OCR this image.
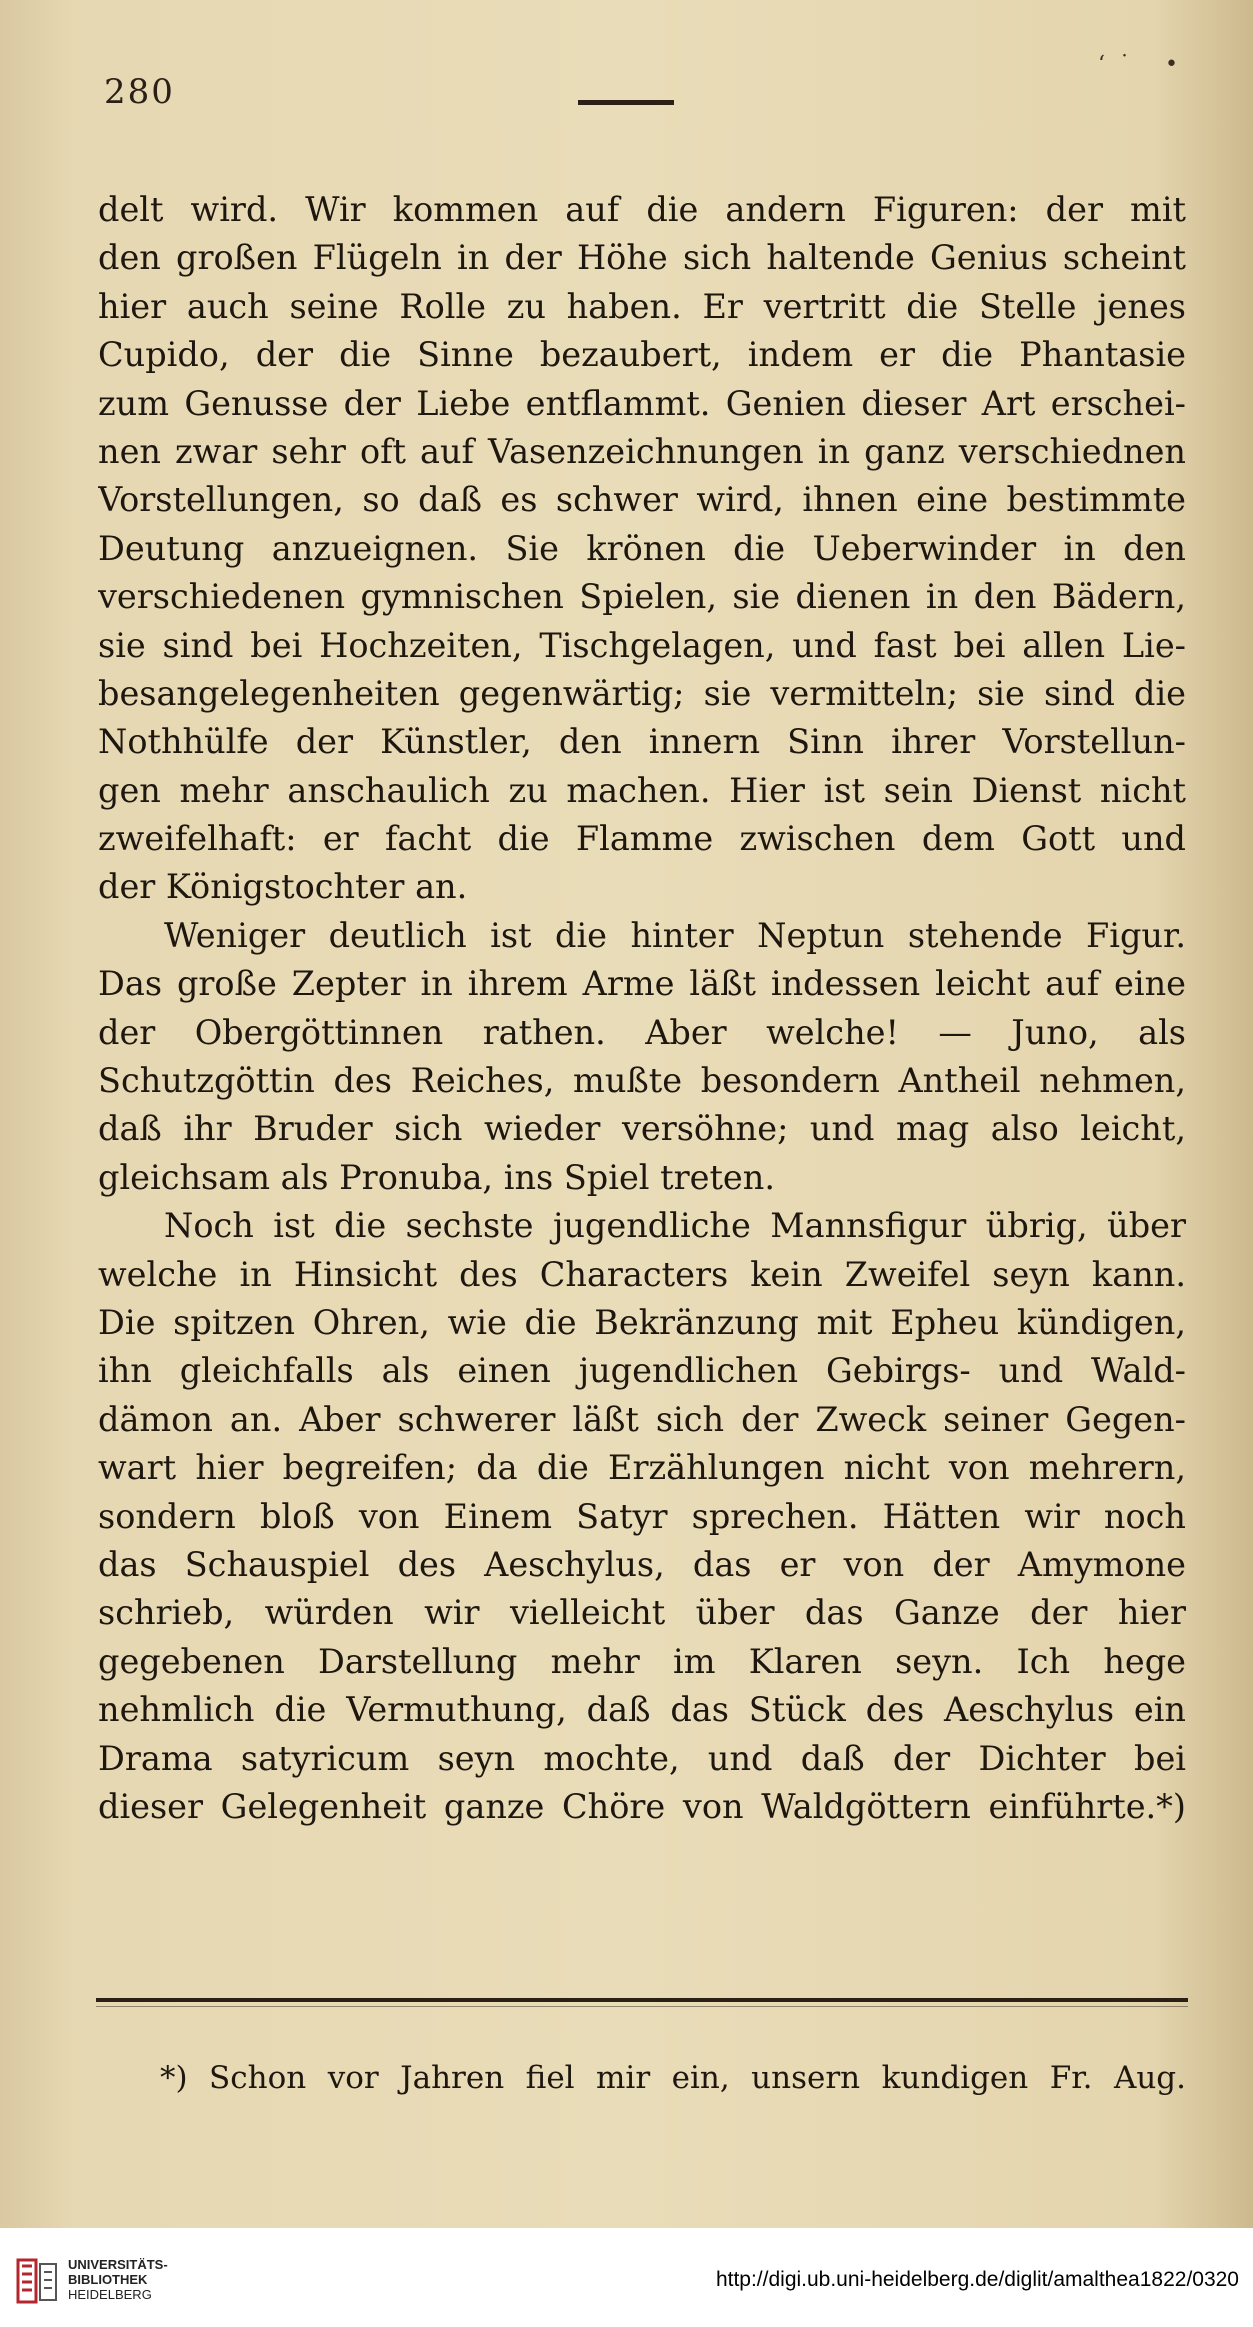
280
‘˙ •
delt wird. Wir kommen auf die andern Figuren: der mit
den großen Flügeln in der Höhe sich haltende Genius scheint
hier auch seine Rolle zu haben. Er vertritt die Stelle jenes
Cupido, der die Sinne bezaubert, indem er die Phantasie
zum Genusse der Liebe entflammt. Genien dieser Art erschei-
nen zwar sehr oft auf Vasenzeichnungen in ganz verschiednen
Vorstellungen, so daß es schwer wird, ihnen eine bestimmte
Deutung anzueignen. Sie krönen die Ueberwinder in den
verschiedenen gymnischen Spielen, sie dienen in den Bädern,
sie sind bei Hochzeiten, Tischgelagen, und fast bei allen Lie-
besangelegenheiten gegenwärtig; sie vermitteln; sie sind die
Nothhülfe der Künstler, den innern Sinn ihrer Vorstellun-
gen mehr anschaulich zu machen. Hier ist sein Dienst nicht
zweifelhaft: er facht die Flamme zwischen dem Gott und
der Königstochter an.
Weniger deutlich ist die hinter Neptun stehende Figur.
Das große Zepter in ihrem Arme läßt indessen leicht auf eine
der Obergöttinnen rathen. Aber welche! — Juno, als
Schutzgöttin des Reiches, mußte besondern Antheil nehmen,
daß ihr Bruder sich wieder versöhne; und mag also leicht,
gleichsam als Pronuba, ins Spiel treten.
Noch ist die sechste jugendliche Mannsfigur übrig, über
welche in Hinsicht des Characters kein Zweifel seyn kann.
Die spitzen Ohren, wie die Bekränzung mit Epheu kündigen,
ihn gleichfalls als einen jugendlichen Gebirgs- und Wald-
dämon an. Aber schwerer läßt sich der Zweck seiner Gegen-
wart hier begreifen; da die Erzählungen nicht von mehrern,
sondern bloß von Einem Satyr sprechen. Hätten wir noch
das Schauspiel des Aeschylus, das er von der Amymone
schrieb, würden wir vielleicht über das Ganze der hier
gegebenen Darstellung mehr im Klaren seyn. Ich hege
nehmlich die Vermuthung, daß das Stück des Aeschylus ein
Drama satyricum seyn mochte, und daß der Dichter bei
dieser Gelegenheit ganze Chöre von Waldgöttern einführte.*)
*) Schon vor Jahren fiel mir ein, unsern kundigen Fr. Aug.
UNIVERSITÄTS-
BIBLIOTHEK
HEIDELBERG
http://digi.ub.uni-heidelberg.de/diglit/amalthea1822/0320
